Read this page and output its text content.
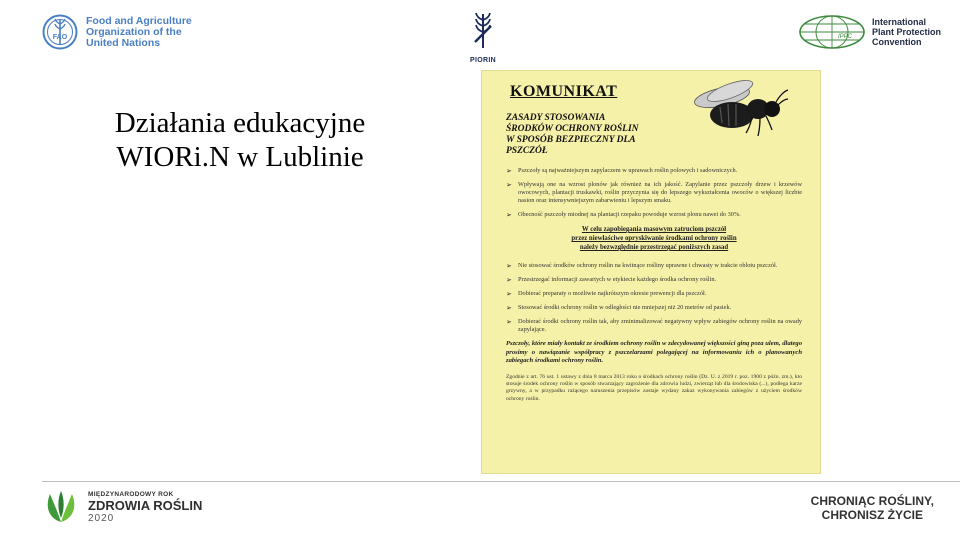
FAO
Food and Agriculture
Organization of the
United Nations
PIORIN
IPPC
International
Plant Protection
Convention
Działania edukacyjne
WIORi.N w Lublinie
KOMUNIKAT
ZASADY STOSOWANIA
ŚRODKÓW OCHRONY ROŚLIN
W SPOSÓB BEZPIECZNY DLA
PSZCZÓŁ
➢ Pszczoły są najważniejszym zapylaczem w uprawach roślin polowych i sadowniczych.
➢ Wpływają one na wzrost plonów jak również na ich jakość. Zapylanie przez pszczoły drzew i krzewów owocowych, plantacji truskawki, roślin przyczynia się do lepszego wykształcenia owoców o większej liczbie nasion oraz intensywniejszym zabarwieniu i lepszym smaku.
➢ Obecność pszczoły miodnej na plantacji rzepaku powoduje wzrost plonu nawet do 30%.
W celu zapobiegania masowym zatruciom pszczół
przez niewłaściwe opryskiwanie środkami ochrony roślin
należy bezwzględnie przestrzegać poniższych zasad
➢ Nie stosować środków ochrony roślin na kwitnące rośliny uprawne i chwasty w trakcie oblotu pszczół.
➢ Przestrzegać informacji zawartych w etykiecie każdego środka ochrony roślin.
➢ Dobierać preparaty o możliwie najkrótszym okresie prewencji dla pszczół.
➢ Stosować środki ochrony roślin w odległości nie mniejszej niż 20 metrów od pasiek.
➢ Dobierać środki ochrony roślin tak, aby zminimalizować negatywny wpływ zabiegów ochrony roślin na owady zapylające.
Pszczoły, które miały kontakt ze środkiem ochrony roślin w zdecydowanej większości giną poza ulem, dlatego prosimy o nawiązanie współpracy z pszczelarzami polegającej na informowaniu ich o planowanych zabiegach środkami ochrony roślin.
Zgodnie z art. 76 ust. 1 ustawy z dnia 8 marca 2013 roku o środkach ochrony roślin (Dz. U. z 2019 r. poz. 1900 z późn. zm.), kto stosuje środek ochrony roślin w sposób stwarzający zagrożenie dla zdrowia ludzi, zwierząt lub dla środowiska (...), podlega karze grzywny, a w przypadku rażącego naruszenia przepisów zostaje wydany zakaz wykonywania zabiegów z użyciem środków ochrony roślin.
MIĘDZYNARODOWY ROK
ZDROWIA ROŚLIN
2020
CHRONIĄC ROŚLINY,
CHRONISZ ŻYCIE
